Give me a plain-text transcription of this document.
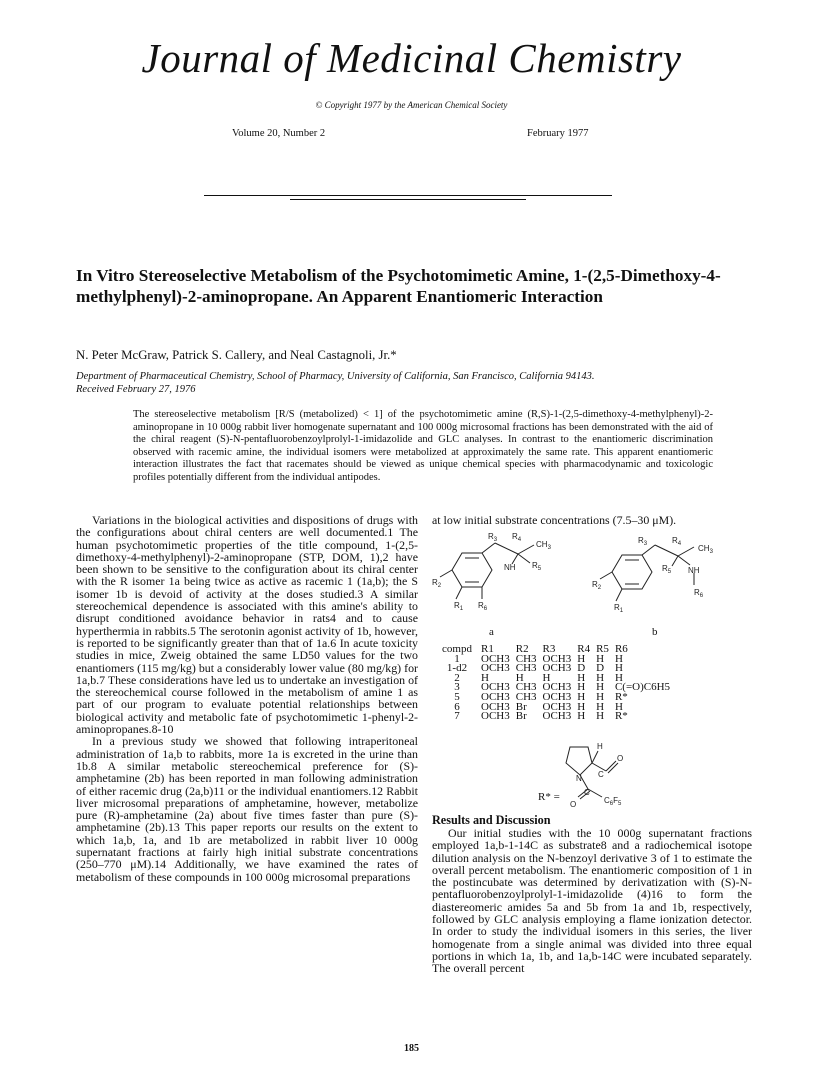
Journal of Medicinal Chemistry
© Copyright 1977 by the American Chemical Society
Volume 20, Number 2	February 1977
In Vitro Stereoselective Metabolism of the Psychotomimetic Amine, 1-(2,5-Dimethoxy-4-methylphenyl)-2-aminopropane. An Apparent Enantiomeric Interaction
N. Peter McGraw, Patrick S. Callery, and Neal Castagnoli, Jr.*
Department of Pharmaceutical Chemistry, School of Pharmacy, University of California, San Francisco, California 94143.
Received February 27, 1976
The stereoselective metabolism [R/S (metabolized) < 1] of the psychotomimetic amine (R,S)-1-(2,5-dimethoxy-4-methylphenyl)-2-aminopropane in 10 000g rabbit liver homogenate supernatant and 100 000g microsomal fractions has been demonstrated with the aid of the chiral reagent (S)-N-pentafluorobenzoylprolyl-1-imidazolide and GLC analyses. In contrast to the enantiomeric discrimination observed with racemic amine, the individual isomers were metabolized at approximately the same rate. This apparent enantiomeric interaction illustrates the fact that racemates should be viewed as unique chemical species with pharmacodynamic and toxicologic profiles potentially different from the individual antipodes.

Variations in the biological activities and dispositions of drugs with the configurations about chiral centers are well documented.1 The human psychotomimetic properties of the title compound, 1-(2,5-dimethoxy-4-methylphenyl)-2-aminopropane (STP, DOM, 1),2 have been shown to be sensitive to the configuration about its chiral center with the R isomer 1a being twice as active as racemic 1 (1a,b); the S isomer 1b is devoid of activity at the doses studied.3 A similar stereochemical dependence is associated with this amine's ability to disrupt conditioned avoidance behavior in rats4 and to cause hyperthermia in rabbits.5 The serotonin agonist activity of 1b, however, is reported to be significantly greater than that of 1a.6 In acute toxicity studies in mice, Zweig obtained the same LD50 values for the two enantiomers (115 mg/kg) but a considerably lower value (80 mg/kg) for 1a,b.7 These considerations have led us to undertake an investigation of the stereochemical course followed in the metabolism of amine 1 as part of our program to evaluate potential relationships between biological activity and metabolic fate of psychotomimetic 1-phenyl-2-aminopropanes.8-10

In a previous study we showed that following intraperitoneal administration of 1a,b to rabbits, more 1a is excreted in the urine than 1b.8 A similar metabolic stereochemical preference for (S)-amphetamine (2b) has been reported in man following administration of either racemic drug (2a,b)11 or the individual enantiomers.12 Rabbit liver microsomal preparations of amphetamine, however, metabolize pure (R)-amphetamine (2a) about five times faster than pure (S)-amphetamine (2b).13 This paper reports our results on the extent to which 1a,b, 1a, and 1b are metabolized in rabbit liver 10 000g supernatant fractions at fairly high initial substrate concentrations (250–770 μM).14 Additionally, we have examined the rates of metabolism of these compounds in 100 000g microsomal preparations

at low initial substrate concentrations (7.5–30 μM).

$R_3$ $R_4$ $CH_3$
NH $R_5$
$R_2$
$R_6$
$R_1$
a
$R_3$	$R_4$ $CH_3$
$R_5$ NH
$R_6$
$R_2$
$R_1$
b
compd	R1	R2	R3	R4	R5	R6
1	OCH3	CH3	OCH3	H	H	H
1-d2	OCH3	CH3	OCH3	D	D	H
2	H	H	H	H	H	H
3	OCH3	CH3	OCH3	H	H	C(=O)C6H5
5	OCH3	CH3	OCH3	H	H	R*
6	OCH3	Br	OCH3	H	H	H
7	OCH3	Br	OCH3	H	H	R*
R* =
H
O
N C
O
C
$C_6F_5$
Results and Discussion

Our initial studies with the 10 000g supernatant fractions employed 1a,b-1-14C as substrate8 and a radiochemical isotope dilution analysis on the N-benzoyl derivative 3 of 1 to estimate the overall percent metabolism. The enantiomeric composition of 1 in the postincubate was determined by derivatization with (S)-N-pentafluorobenzoylprolyl-1-imidazolide (4)16 to form the diastereomeric amides 5a and 5b from 1a and 1b, respectively, followed by GLC analysis employing a flame ionization detector. In order to study the individual isomers in this series, the liver homogenate from a single animal was divided into three equal portions in which 1a, 1b, and 1a,b-14C were incubated separately. The overall percent

185
